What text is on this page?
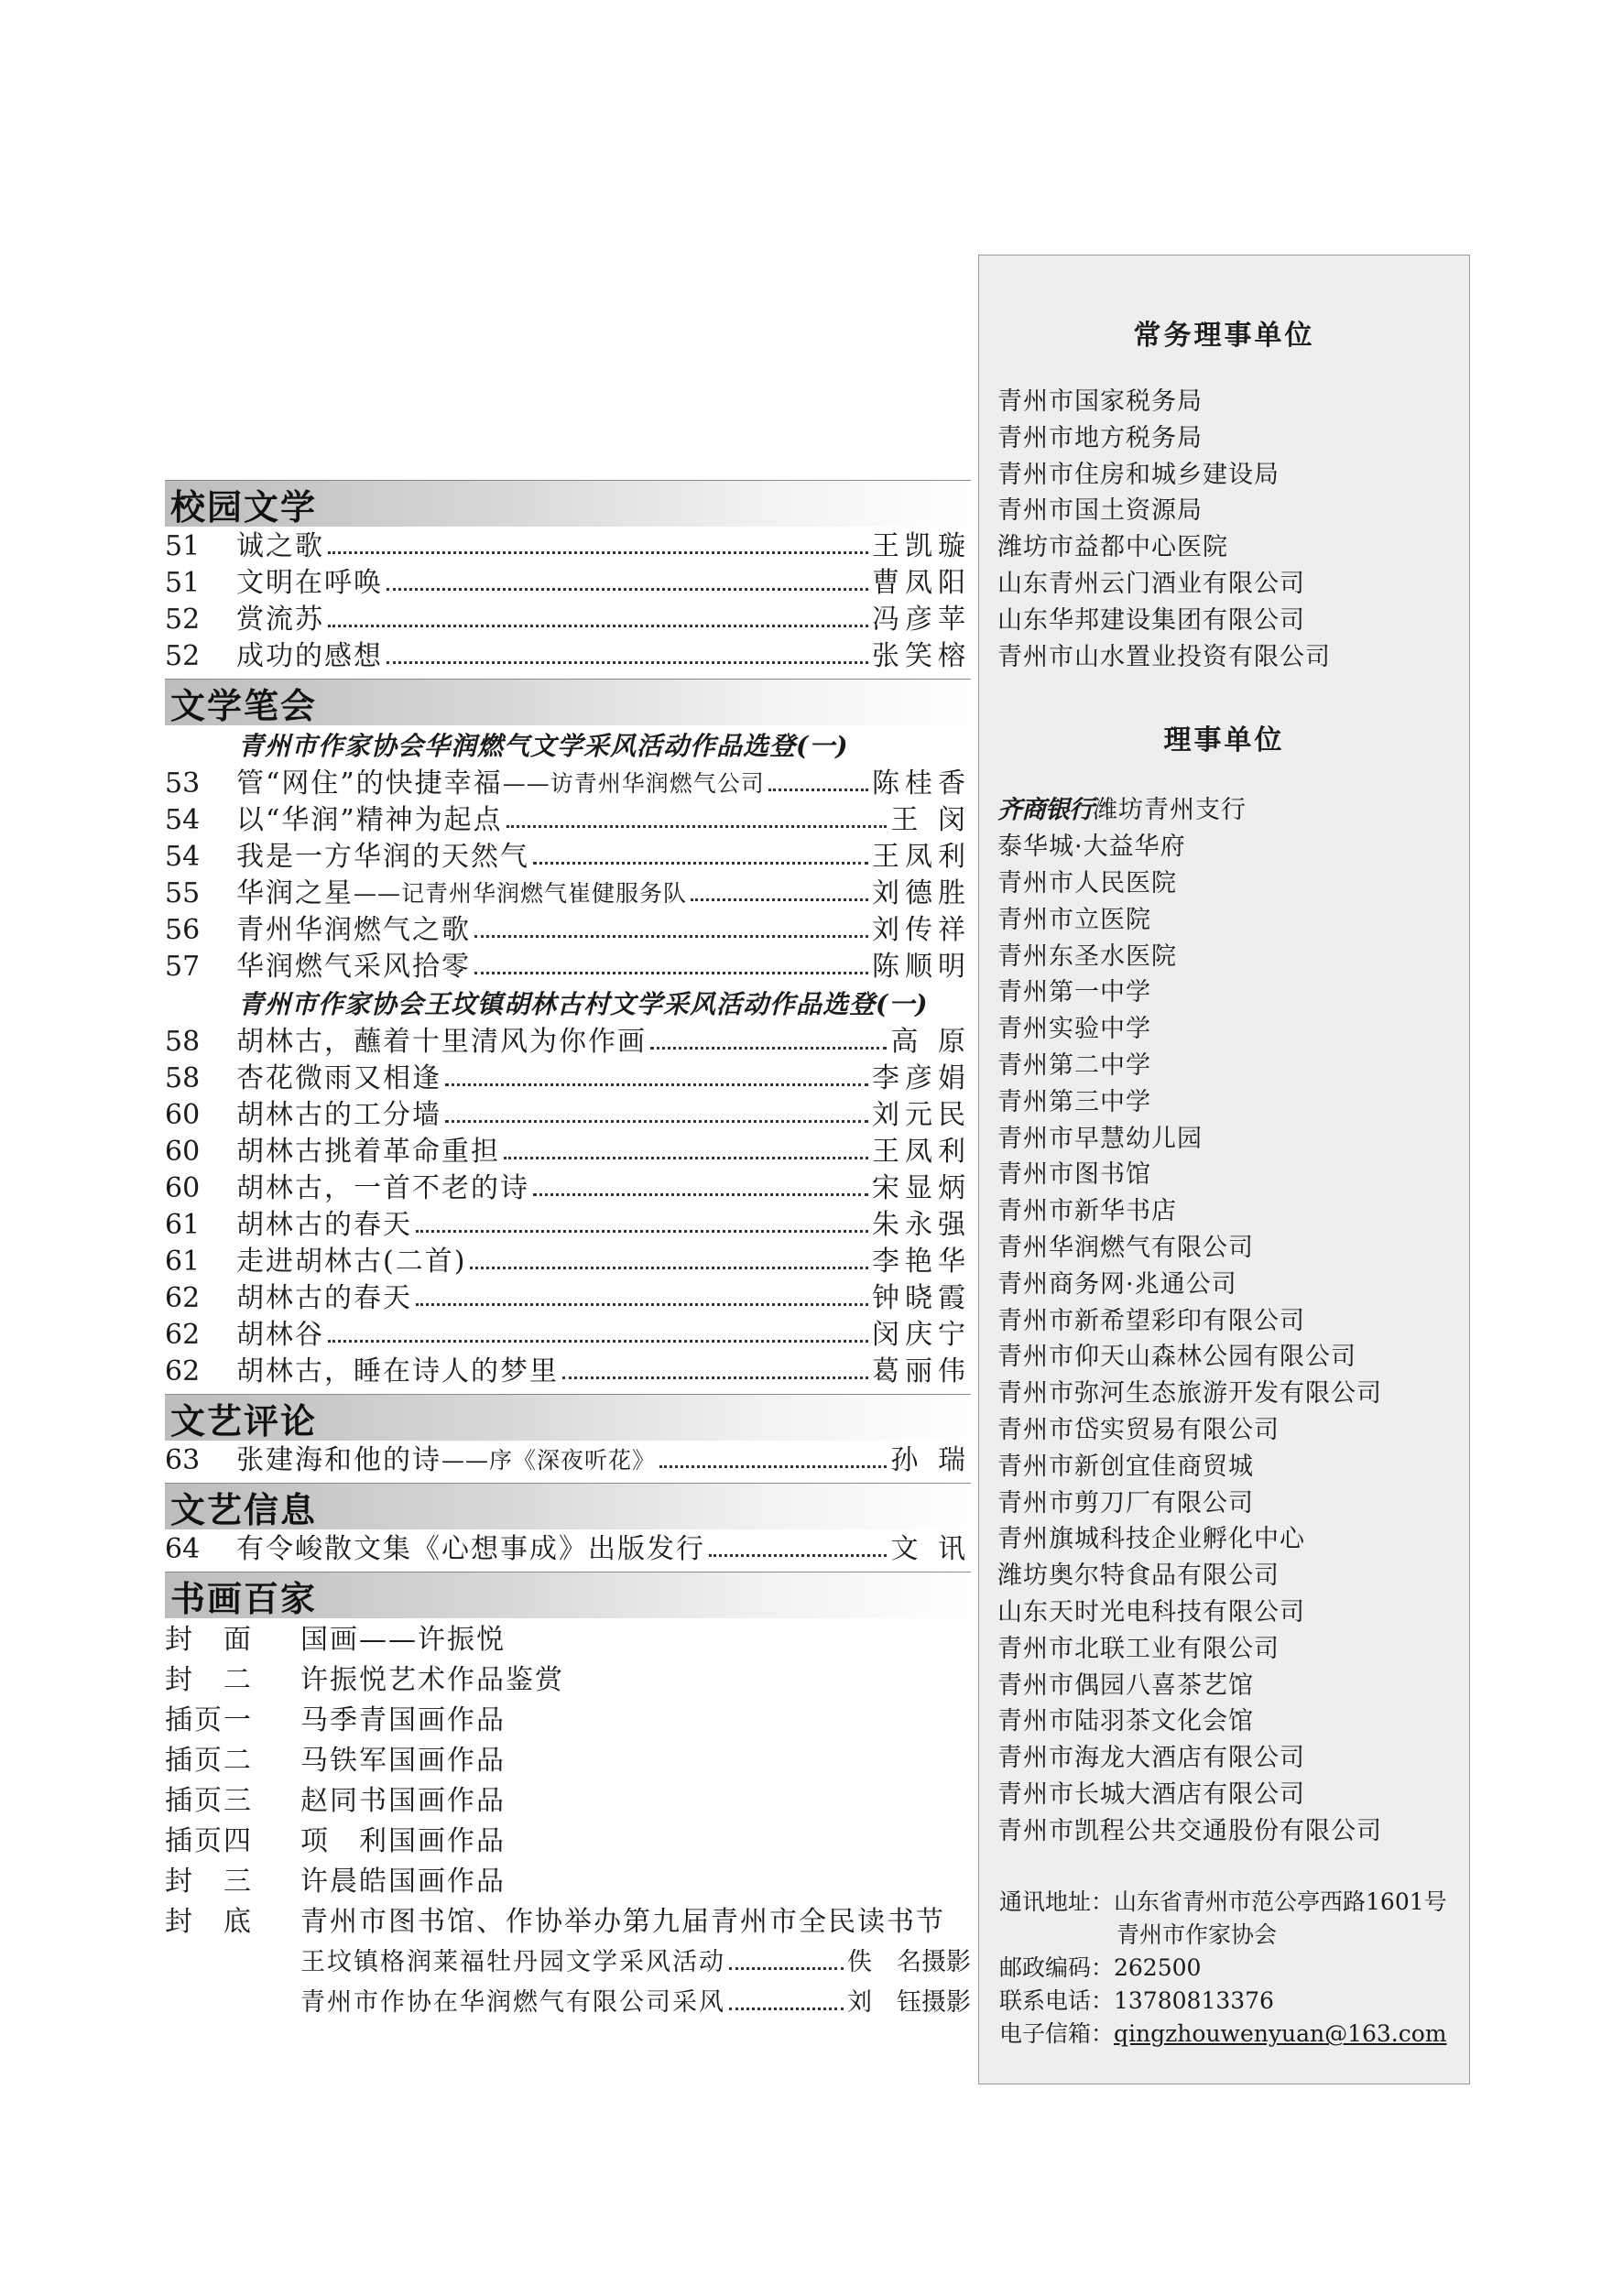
校园文学
51	诚之歌	王凯璇
51	文明在呼唤	曹凤阳
52	赏流苏	冯彦苹
52	成功的感想	张笑榕
文学笔会
青州市作家协会华润燃气文学采风活动作品选登(一)
53	管“网住”的快捷幸福 ——访青州华润燃气公司	陈桂香
54	以“华润”精神为起点	王 闵
54	我是一方华润的天然气	王凤利
55	华润之星 ——记青州华润燃气崔健服务队	刘德胜
56	青州华润燃气之歌	刘传祥
57	华润燃气采风拾零	陈顺明
青州市作家协会王坟镇胡林古村文学采风活动作品选登(一)
58	胡林古，蘸着十里清风为你作画	高 原
58	杏花微雨又相逢	李彦娟
60	胡林古的工分墙	刘元民
60	胡林古挑着革命重担	王凤利
60	胡林古，一首不老的诗	宋显炳
61	胡林古的春天	朱永强
61	走进胡林古(二首)	李艳华
62	胡林古的春天	钟晓霞
62	胡林谷	闵庆宁
62	胡林古，睡在诗人的梦里	葛丽伟
文艺评论
63	张建海和他的诗 ——序《深夜听花》	孙 瑞
文艺信息
64	有令峻散文集《心想事成》出版发行	文 讯
书画百家
封　面	国画——许振悦
封　二	许振悦艺术作品鉴赏
插页一	马季青国画作品
插页二	马铁军国画作品
插页三	赵同书国画作品
插页四	项　利国画作品
封　三	许晨皓国画作品
封　底	青州市图书馆、作协举办第九届青州市全民读书节
王坟镇格润莱福牡丹园文学采风活动	佚　名摄影
青州市作协在华润燃气有限公司采风	刘　钰摄影
常务理事单位
青州市国家税务局
青州市地方税务局
青州市住房和城乡建设局
青州市国土资源局
潍坊市益都中心医院
山东青州云门酒业有限公司
山东华邦建设集团有限公司
青州市山水置业投资有限公司
理事单位
齐商银行潍坊青州支行
泰华城·大益华府
青州市人民医院
青州市立医院
青州东圣水医院
青州第一中学
青州实验中学
青州第二中学
青州第三中学
青州市早慧幼儿园
青州市图书馆
青州市新华书店
青州华润燃气有限公司
青州商务网·兆通公司
青州市新希望彩印有限公司
青州市仰天山森林公园有限公司
青州市弥河生态旅游开发有限公司
青州市岱实贸易有限公司
青州市新创宜佳商贸城
青州市剪刀厂有限公司
青州旗城科技企业孵化中心
潍坊奥尔特食品有限公司
山东天时光电科技有限公司
青州市北联工业有限公司
青州市偶园八喜茶艺馆
青州市陆羽茶文化会馆
青州市海龙大酒店有限公司
青州市长城大酒店有限公司
青州市凯程公共交通股份有限公司
通讯地址：山东省青州市范公亭西路1601号
青州市作家协会
邮政编码：262500
联系电话：13780813376
电子信箱：qingzhouwenyuan@163.com
